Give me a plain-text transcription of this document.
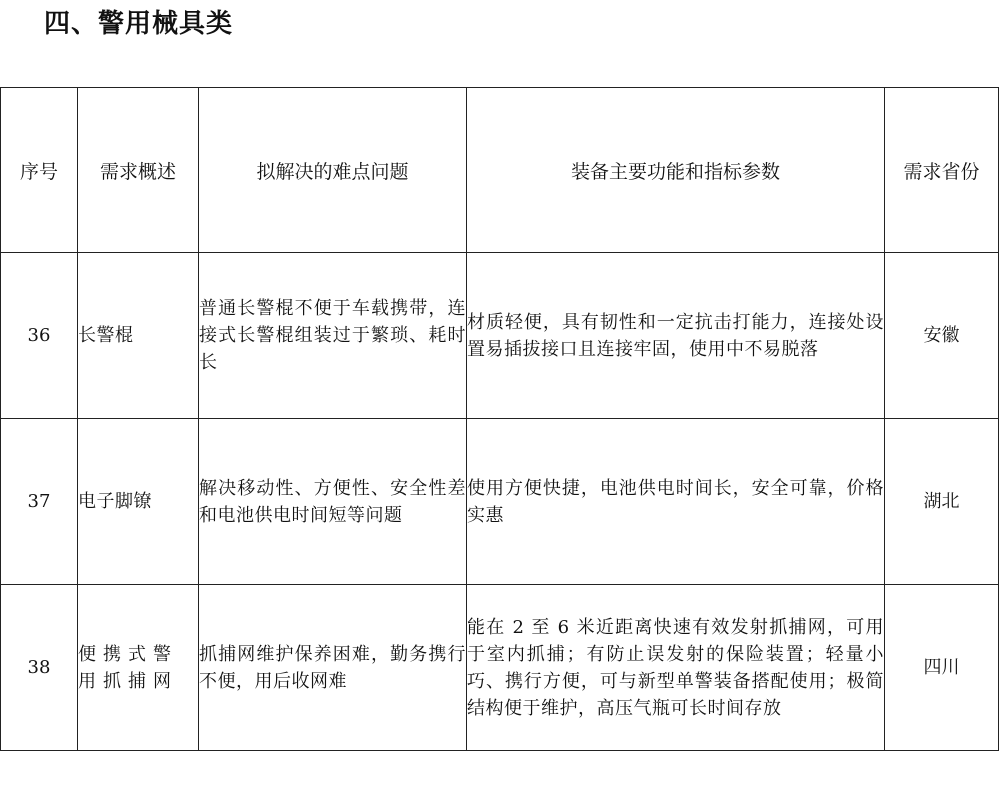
四、警用械具类
序号	需求概述	拟解决的难点问题	装备主要功能和指标参数	需求省份
36	长警棍	普通长警棍不便于车载携带，连接式长警棍组装过于繁琐、耗时长	材质轻便，具有韧性和一定抗击打能力，连接处设置易插拔接口且连接牢固，使用中不易脱落	安徽
37	电子脚镣	解决移动性、方便性、安全性差和电池供电时间短等问题	使用方便快捷，电池供电时间长，安全可靠，价格实惠	湖北
38	便携式警用抓捕网	抓捕网维护保养困难，勤务携行不便，用后收网难	能在 2 至 6 米近距离快速有效发射抓捕网，可用于室内抓捕；有防止误发射的保险装置；轻量小巧、携行方便，可与新型单警装备搭配使用；极简结构便于维护，高压气瓶可长时间存放	四川
